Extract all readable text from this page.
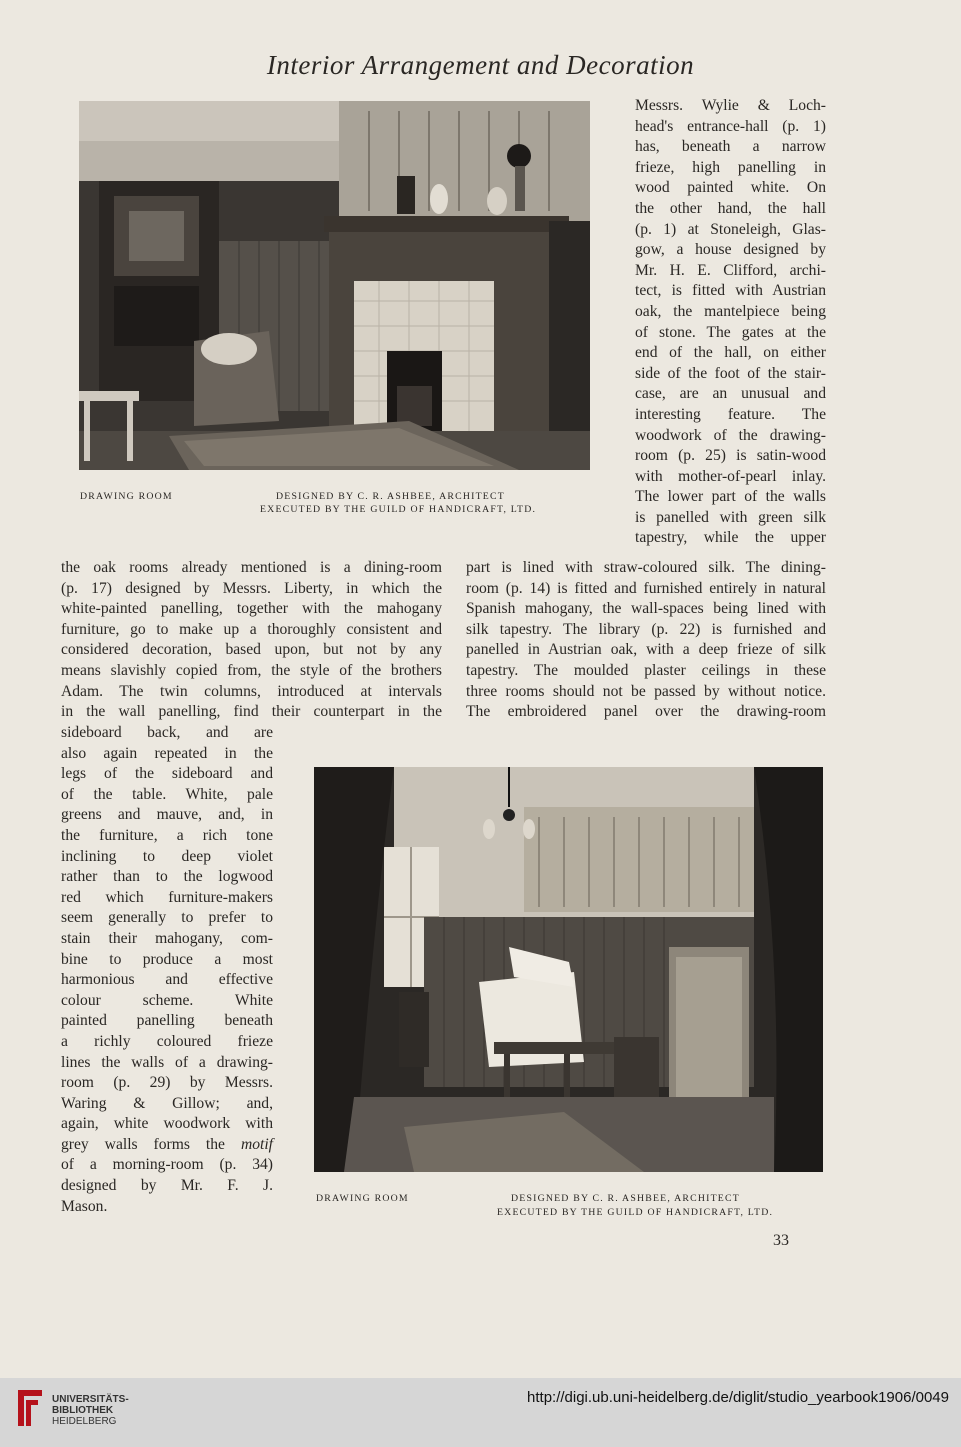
Interior Arrangement and Decoration
DRAWING ROOM	DESIGNED BY C. R. ASHBEE, ARCHITECT
EXECUTED BY THE GUILD OF HANDICRAFT, LTD.
Messrs. Wylie & Loch-
head's entrance-hall (p. 1)
has, beneath a narrow
frieze, high panelling in
wood painted white. On
the other hand, the hall
(p. 1) at Stoneleigh, Glas-
gow, a house designed by
Mr. H. E. Clifford, archi-
tect, is fitted with Austrian
oak, the mantelpiece being
of stone. The gates at the
end of the hall, on either
side of the foot of the stair-
case, are an unusual and
interesting feature. The
woodwork of the drawing-
room (p. 25) is satin-wood
with mother-of-pearl inlay.
The lower part of the walls
is panelled with green silk
tapestry, while the upper
the oak rooms already mentioned is a dining-room
(p. 17) designed by Messrs. Liberty, in which the
white-painted panelling, together with the mahogany
furniture, go to make up a thoroughly consistent and
considered decoration, based upon, but not by any
means slavishly copied from, the style of the brothers
Adam. The twin columns, introduced at intervals
in the wall panelling, find their counterpart in the
part is lined with straw-coloured silk. The dining-
room (p. 14) is fitted and furnished entirely in natural
Spanish mahogany, the wall-spaces being lined with
silk tapestry. The library (p. 22) is furnished and
panelled in Austrian oak, with a deep frieze of silk
tapestry. The moulded plaster ceilings in these
three rooms should not be passed by without notice.
The embroidered panel over the drawing-room
sideboard back, and are
also again repeated in the
legs of the sideboard and
of the table. White, pale
greens and mauve, and, in
the furniture, a rich tone
inclining to deep violet
rather than to the logwood
red which furniture-makers
seem generally to prefer to
stain their mahogany, com-
bine to produce a most
harmonious and effective
colour scheme. White
painted panelling beneath
a richly coloured frieze
lines the walls of a drawing-
room (p. 29) by Messrs.
Waring & Gillow; and,
again, white woodwork with
grey walls forms the motif
of a morning-room (p. 34)
designed by Mr. F. J.
Mason.	DRAWING ROOM	DESIGNED BY C. R. ASHBEE, ARCHITECT
EXECUTED BY THE GUILD OF HANDICRAFT, LTD.
33
UNIVERSITÄTS-
BIBLIOTHEK
HEIDELBERG
http://digi.ub.uni-heidelberg.de/diglit/studio_yearbook1906/0049
